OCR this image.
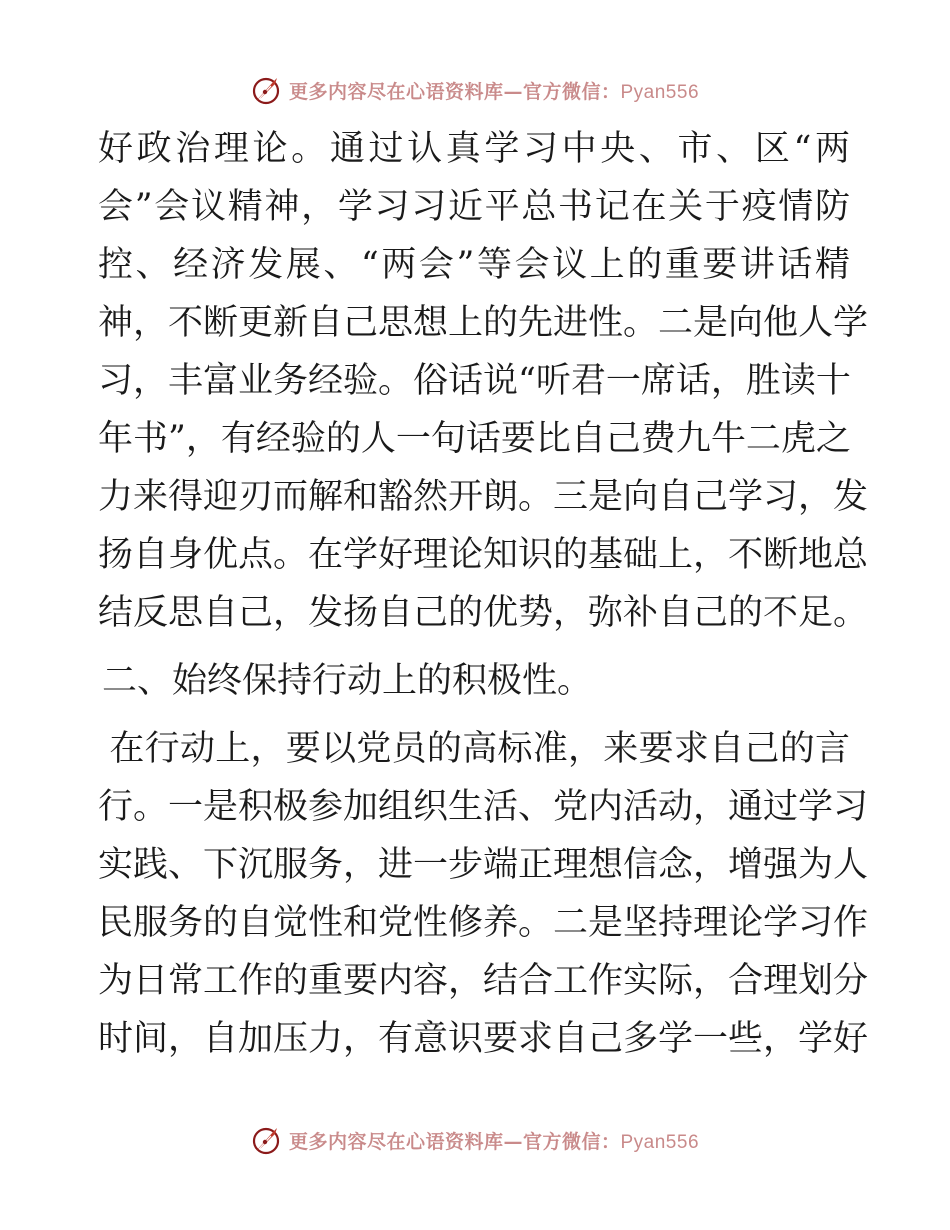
更多内容尽在心语资料库—官方微信：Pyan556
好政治理论。通过认真学习中央、市、区“两
会”会议精神，学习习近平总书记在关于疫情防
控、经济发展、“两会”等会议上的重要讲话精
神，不断更新自己思想上的先进性。二是向他人学
习，丰富业务经验。俗话说“听君一席话，胜读十
年书”，有经验的人一句话要比自己费九牛二虎之
力来得迎刃而解和豁然开朗。三是向自己学习，发
扬自身优点。在学好理论知识的基础上，不断地总
结反思自己，发扬自己的优势，弥补自己的不足。
二、始终保持行动上的积极性。
在行动上，要以党员的高标准，来要求自己的言
行。一是积极参加组织生活、党内活动，通过学习
实践、下沉服务，进一步端正理想信念，增强为人
民服务的自觉性和党性修养。二是坚持理论学习作
为日常工作的重要内容，结合工作实际，合理划分
时间，自加压力，有意识要求自己多学一些，学好
更多内容尽在心语资料库—官方微信：Pyan556
